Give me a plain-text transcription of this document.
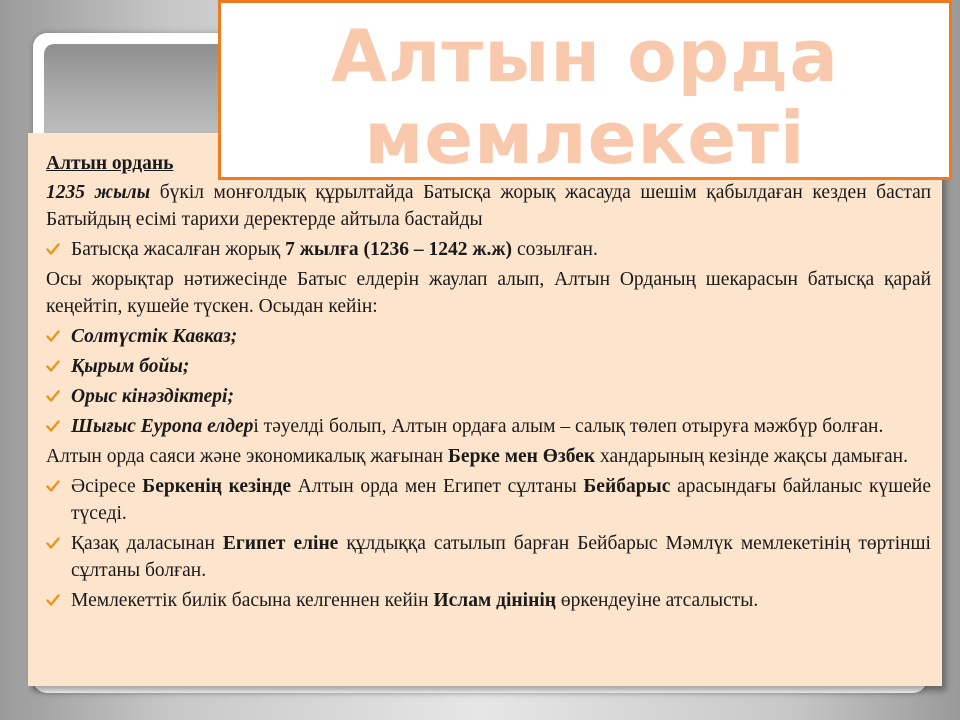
Алтын орда
мемлекеті

Алтын ордань

1235 жылы бүкіл монғолдық құрылтайда Батысқа жорық жасауда шешім қабылдаған кезден бастап Батыйдың есімі тарихи деректерде айтыла бастайды

Батысқа жасалған жорық 7 жылға (1236 – 1242 ж.ж) созылған.

Осы жорықтар нәтижесінде Батыс елдерін жаулап алып, Алтын Орданың шекарасын батысқа қарай кеңейтіп, кушейе түскен. Осыдан кейін:

Солтүстік Кавказ;

Қырым бойы;

Орыс кінәздіктері;

Шығыс Еуропа елдері тәуелді болып, Алтын ордаға алым – салық төлеп отыруға мәжбүр болған.

Алтын орда саяси және экономикалық жағынан Берке мен Өзбек хандарының кезінде жақсы дамыған.

Әсіресе Беркенің кезінде Алтын орда мен Египет сұлтаны Бейбарыс арасындағы байланыс күшейе түседі.

Қазақ даласынан Египет еліне құлдыққа сатылып барған Бейбарыс Мәмлүк мемлекетінің төртінші сұлтаны болған.

Мемлекеттік билік басына келгеннен кейін Ислам дінінің өркендеуіне атсалысты.
